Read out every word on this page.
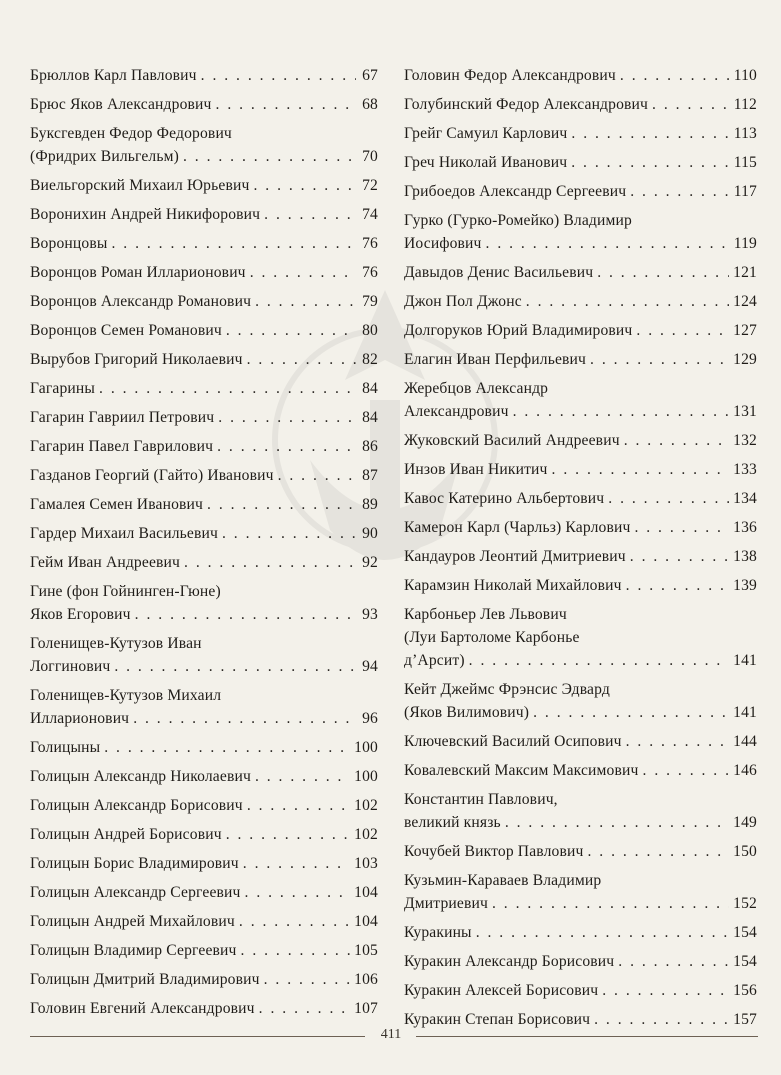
Брюллов Карл Павлович . . .	67
Брюс Яков Александрович . . .	68
Буксгевден Федор Федорович
(Фридрих Вильгельм) . . .	70
Виельгорский Михаил Юрьевич . . .	72
Воронихин Андрей Никифорович . . .	74
Воронцовы . . .	76
Воронцов Роман Илларионович . . .	76
Воронцов Александр Романович . . .	79
Воронцов Семен Романович . . .	80
Вырубов Григорий Николаевич . . .	82
Гагарины . . .	84
Гагарин Гавриил Петрович . . .	84
Гагарин Павел Гаврилович . . .	86
Газданов Георгий (Гайто) Иванович . . .	87
Гамалея Семен Иванович . . .	89
Гардер Михаил Васильевич . . .	90
Гейм Иван Андреевич . . .	92
Гине (фон Гойнинген-Гюне)
Яков Егорович . . .	93
Голенищев-Кутузов Иван
Логгинович . . .	94
Голенищев-Кутузов Михаил
Илларионович . . .	96
Голицыны . . .	100
Голицын Александр Николаевич . . .	100
Голицын Александр Борисович . . .	102
Голицын Андрей Борисович . . .	102
Голицын Борис Владимирович . . .	103
Голицын Александр Сергеевич . . .	104
Голицын Андрей Михайлович . . .	104
Голицын Владимир Сергеевич . . .	105
Голицын Дмитрий Владимирович . . .	106
Головин Евгений Александрович . . .	107
Головин Федор Александрович . . .	110
Голубинский Федор Александрович . . .	112
Грейг Самуил Карлович . . .	113
Греч Николай Иванович . . .	115
Грибоедов Александр Сергеевич . . .	117
Гурко (Гурко-Ромейко) Владимир
Иосифович . . .	119
Давыдов Денис Васильевич . . .	121
Джон Пол Джонс . . .	124
Долгоруков Юрий Владимирович . . .	127
Елагин Иван Перфильевич . . .	129
Жеребцов Александр
Александрович . . .	131
Жуковский Василий Андреевич . . .	132
Инзов Иван Никитич . . .	133
Кавос Катерино Альбертович . . .	134
Камерон Карл (Чарльз) Карлович . . .	136
Кандауров Леонтий Дмитриевич . . .	138
Карамзин Николай Михайлович . . .	139
Карбоньер Лев Львович
(Луи Бартоломе Карбонье
д’Арсит) . . .	141
Кейт Джеймс Фрэнсис Эдвард
(Яков Вилимович) . . .	141
Ключевский Василий Осипович . . .	144
Ковалевский Максим Максимович . . .	146
Константин Павлович,
великий князь . . .	149
Кочубей Виктор Павлович . . .	150
Кузьмин-Караваев Владимир
Дмитриевич . . .	152
Куракины . . .	154
Куракин Александр Борисович . . .	154
Куракин Алексей Борисович . . .	156
Куракин Степан Борисович . . .	157
411
